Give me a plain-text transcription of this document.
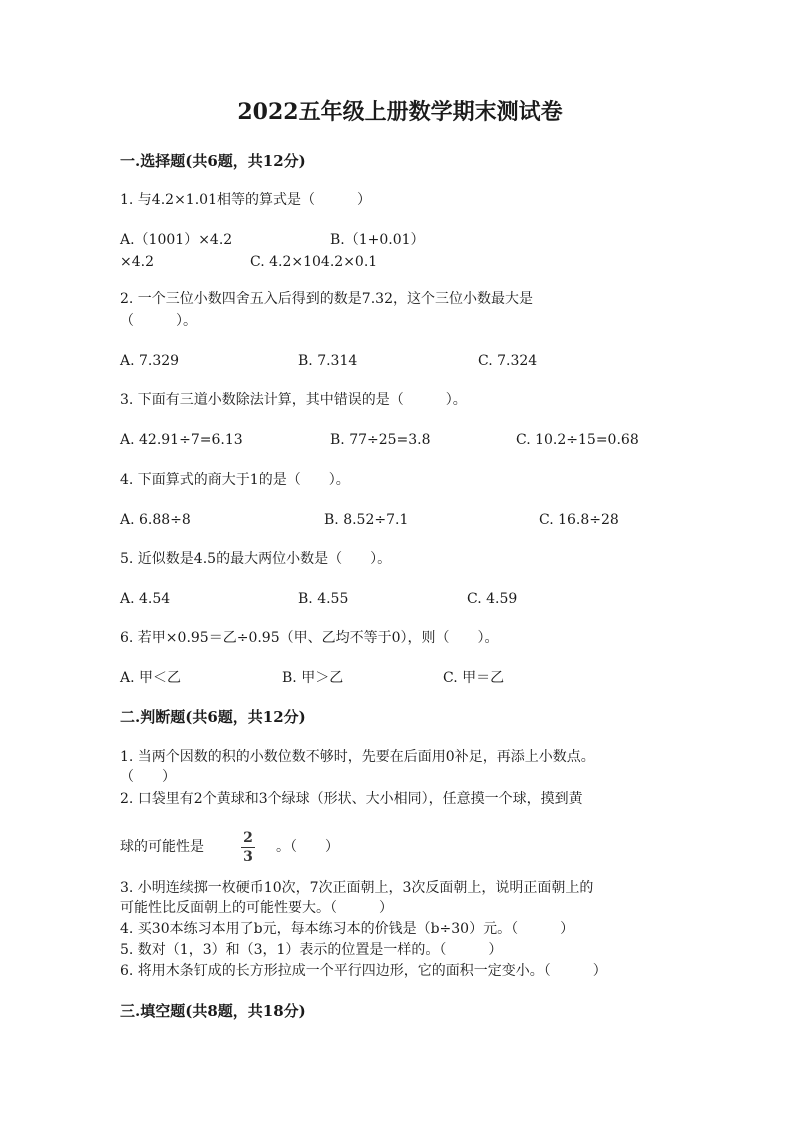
2022五年级上册数学期末测试卷
一.选择题(共6题，共12分)
1. 与4.2×1.01相等的算式是（　　　）
A.（1001）×4.2	B.（1+0.01）
×4.2	C. 4.2×104.2×0.1
2. 一个三位小数四舍五入后得到的数是7.32，这个三位小数最大是
（　　　）。
A. 7.329	B. 7.314	C. 7.324
3. 下面有三道小数除法计算，其中错误的是（　　　）。
A. 42.91÷7=6.13	B. 77÷25=3.8	C. 10.2÷15=0.68
4. 下面算式的商大于1的是（　　）。
A. 6.88÷8	B. 8.52÷7.1	C. 16.8÷28
5. 近似数是4.5的最大两位小数是（　　）。
A. 4.54	B. 4.55	C. 4.59
6. 若甲×0.95＝乙÷0.95（甲、乙均不等于0），则（　　）。
A. 甲＜乙	B. 甲＞乙	C. 甲＝乙
二.判断题(共6题，共12分)
1. 当两个因数的积的小数位数不够时，先要在后面用0补足，再添上小数点。
（　　）
2. 口袋里有2个黄球和3个绿球（形状、大小相同），任意摸一个球，摸到黄
球的可能性是
2
3
。（　　）
3. 小明连续掷一枚硬币10次，7次正面朝上，3次反面朝上，说明正面朝上的
可能性比反面朝上的可能性要大。（　　　）
4. 买30本练习本用了b元，每本练习本的价钱是（b÷30）元。（　　　）
5. 数对（1，3）和（3，1）表示的位置是一样的。（　　　）
6. 将用木条钉成的长方形拉成一个平行四边形，它的面积一定变小。（　　　）
三.填空题(共8题，共18分)
